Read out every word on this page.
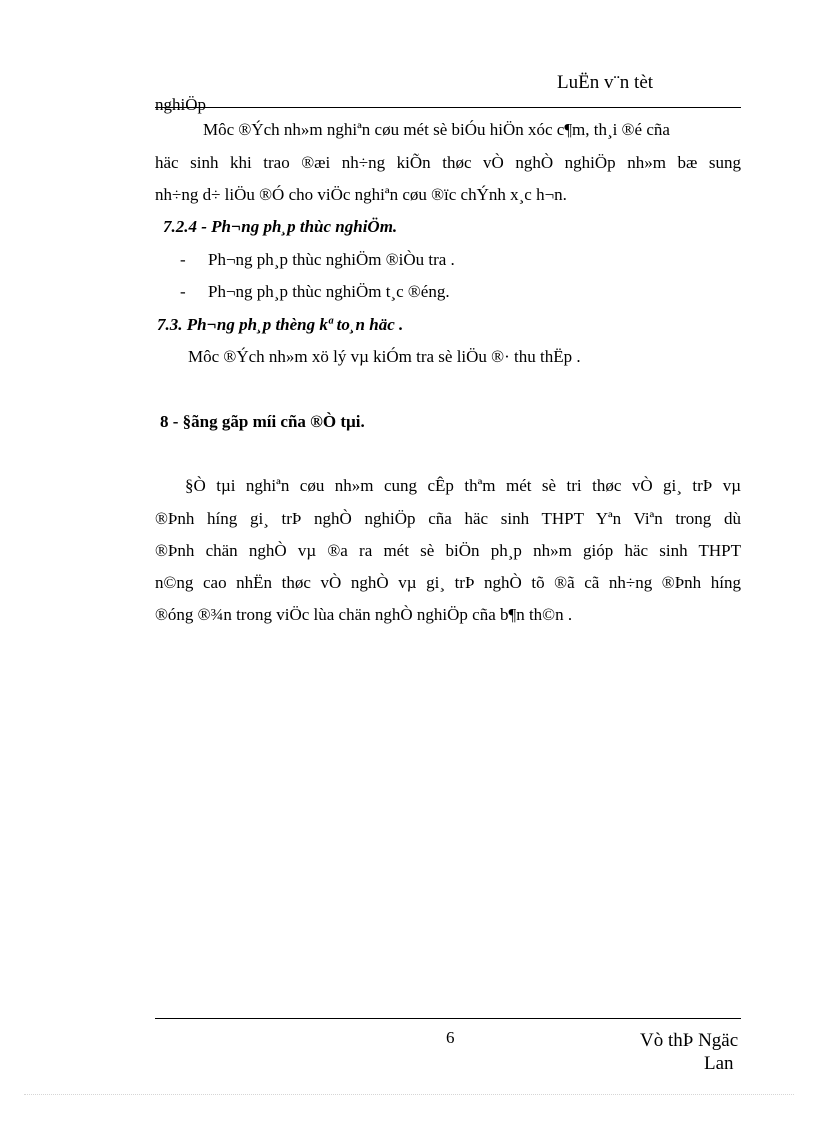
LuËn v¨n tèt
nghiÖp
Môc ®Ých nh»m nghiªn cøu mét sè biÓu hiÖn xóc c¶m, th¸i ®é cña
häc sinh khi trao ®æi nh÷ng kiÕn thøc vÒ nghÒ nghiÖp nh»m bæ sung
nh÷ng d÷ liÖu ®Ó cho viÖc nghiªn cøu ®ïc chÝnh x¸c h¬n.
7.2.4 - Ph¬ng ph¸p thùc nghiÖm.
- Ph¬ng ph¸p thùc nghiÖm ®iÒu tra .
- Ph¬ng ph¸p thùc nghiÖm t¸c ®éng.
7.3. Ph¬ng ph¸p thèng kª to¸n häc .
Môc ®Ých nh»m xö lý vµ kiÓm tra sè liÖu ®· thu thËp .
8 - §ãng gãp míi cña ®Ò tµi.
§Ò tµi nghiªn cøu nh»m cung cÊp thªm mét sè tri thøc vÒ gi¸ trÞ vµ
®Þnh híng gi¸ trÞ nghÒ nghiÖp cña häc sinh THPT Yªn Viªn trong dù
®Þnh chän nghÒ vµ ®a ra mét sè biÖn ph¸p nh»m gióp häc sinh THPT
n©ng cao nhËn thøc vÒ nghÒ vµ gi¸ trÞ nghÒ tõ ®ã cã nh÷ng ®Þnh híng
®óng ®¾n trong viÖc lùa chän nghÒ nghiÖp cña b¶n th©n .
6	Vò thÞ Ngäc
Lan
